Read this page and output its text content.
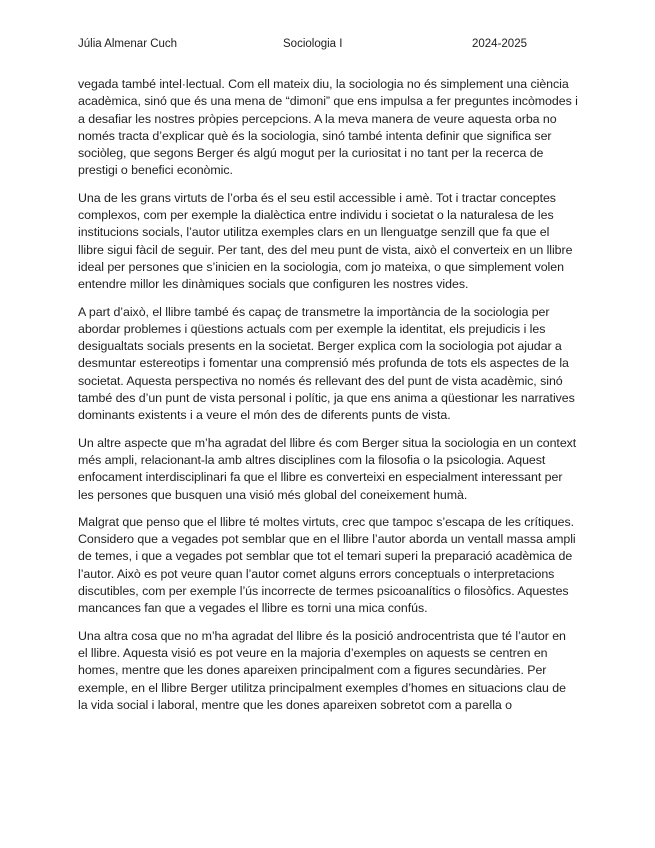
Júlia Almenar Cuch	Sociologia I	2024-2025

vegada també intel·lectual. Com ell mateix diu, la sociologia no és simplement una ciència acadèmica, sinó que és una mena de “dimoni” que ens impulsa a fer preguntes incòmodes i a desafiar les nostres pròpies percepcions. A la meva manera de veure aquesta orba no només tracta d’explicar què és la sociologia, sinó també intenta definir que significa ser sociòleg, que segons Berger és algú mogut per la curiositat i no tant per la recerca de prestigi o benefici econòmic.

Una de les grans virtuts de l’orba és el seu estil accessible i amè. Tot i tractar conceptes complexos, com per exemple la dialèctica entre individu i societat o la naturalesa de les institucions socials, l’autor utilitza exemples clars en un llenguatge senzill que fa que el llibre sigui fàcil de seguir. Per tant, des del meu punt de vista, això el converteix en un llibre ideal per persones que s’inicien en la sociologia, com jo mateixa, o que simplement volen entendre millor les dinàmiques socials que configuren les nostres vides.

A part d’això, el llibre també és capaç de transmetre la importància de la sociologia per abordar problemes i qüestions actuals com per exemple la identitat, els prejudicis i les desigualtats socials presents en la societat. Berger explica com la sociologia pot ajudar a desmuntar estereotips i fomentar una comprensió més profunda de tots els aspectes de la societat. Aquesta perspectiva no només és rellevant des del punt de vista acadèmic, sinó també des d’un punt de vista personal i polític, ja que ens anima a qüestionar les narratives dominants existents i a veure el món des de diferents punts de vista.

Un altre aspecte que m’ha agradat del llibre és com Berger situa la sociologia en un context més ampli, relacionant-la amb altres disciplines com la filosofia o la psicologia. Aquest enfocament interdisciplinari fa que el llibre es converteixi en especialment interessant per les persones que busquen una visió més global del coneixement humà.

Malgrat que penso que el llibre té moltes virtuts, crec que tampoc s’escapa de les crítiques. Considero que a vegades pot semblar que en el llibre l’autor aborda un ventall massa ampli de temes, i que a vegades pot semblar que tot el temari superi la preparació acadèmica de l’autor. Això es pot veure quan l’autor comet alguns errors conceptuals o interpretacions discutibles, com per exemple l’ús incorrecte de termes psicoanalítics o filosòfics. Aquestes mancances fan que a vegades el llibre es torni una mica confús.

Una altra cosa que no m’ha agradat del llibre és la posició androcentrista que té l’autor en el llibre. Aquesta visió es pot veure en la majoria d’exemples on aquests se centren en homes, mentre que les dones apareixen principalment com a figures secundàries. Per exemple, en el llibre Berger utilitza principalment exemples d’homes en situacions clau de la vida social i laboral, mentre que les dones apareixen sobretot com a parella o
